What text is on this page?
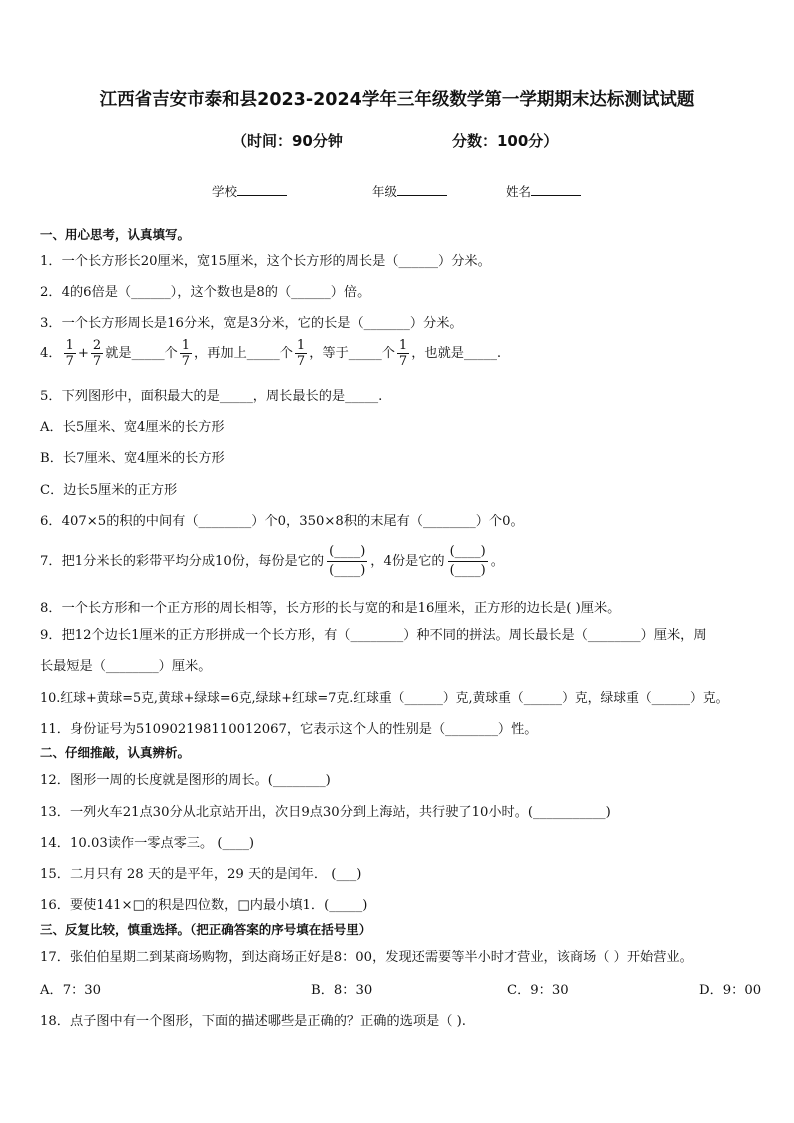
江西省吉安市泰和县2023-2024学年三年级数学第一学期期末达标测试试题
（时间：90分钟	分数：100分）
学校	年级	姓名
一、用心思考，认真填写。
1．一个长方形长20厘米，宽15厘米，这个长方形的周长是（______）分米。
2．4的6倍是（______），这个数也是8的（______）倍。
3．一个长方形周长是16分米，宽是3分米，它的长是（_______）分米。
4． $\frac{1}{7} + \frac{2}{7}$ 就是_____个 $\frac{1}{7}$ ，再加上_____个 $\frac{1}{7}$ ，等于_____个 $\frac{1}{7}$ ，也就是_____.
5．下列图形中，面积最大的是_____，周长最长的是_____.
A．长5厘米、宽4厘米的长方形
B．长7厘米、宽4厘米的长方形
C．边长5厘米的正方形
6．407×5的积的中间有（________）个0，350×8积的末尾有（________）个0。
7．把1分米长的彩带平均分成10份，每份是它的
(____)
(____)
，4份是它的
(____)
(____)
。
8．一个长方形和一个正方形的周长相等，长方形的长与宽的和是16厘米，正方形的边长是( )厘米。
9．把12个边长1厘米的正方形拼成一个长方形，有（________）种不同的拼法。周长最长是（________）厘米，周
长最短是（________）厘米。
10.红球+黄球=5克,黄球+绿球=6克,绿球+红球=7克.红球重（______）克,黄球重（______）克，绿球重（______）克。
11．身份证号为510902198110012067，它表示这个人的性别是（________）性。
二、仔细推敲，认真辨析。
12．图形一周的长度就是图形的周长。(________)
13．一列火车21点30分从北京站开出，次日9点30分到上海站，共行驶了10小时。(___________)
14．10.03读作一零点零三。 (____)
15．二月只有 28 天的是平年，29 天的是闰年． (___)
16．要使141×□的积是四位数，□内最小填1．(_____)
三、反复比较，慎重选择。（把正确答案的序号填在括号里）
17．张伯伯星期二到某商场购物，到达商场正好是8：00，发现还需要等半小时才营业，该商场（ ）开始营业。
A．7：30	B．8：30	C．9：30	D．9：00
18．点子图中有一个图形，下面的描述哪些是正确的？正确的选项是（ ).
